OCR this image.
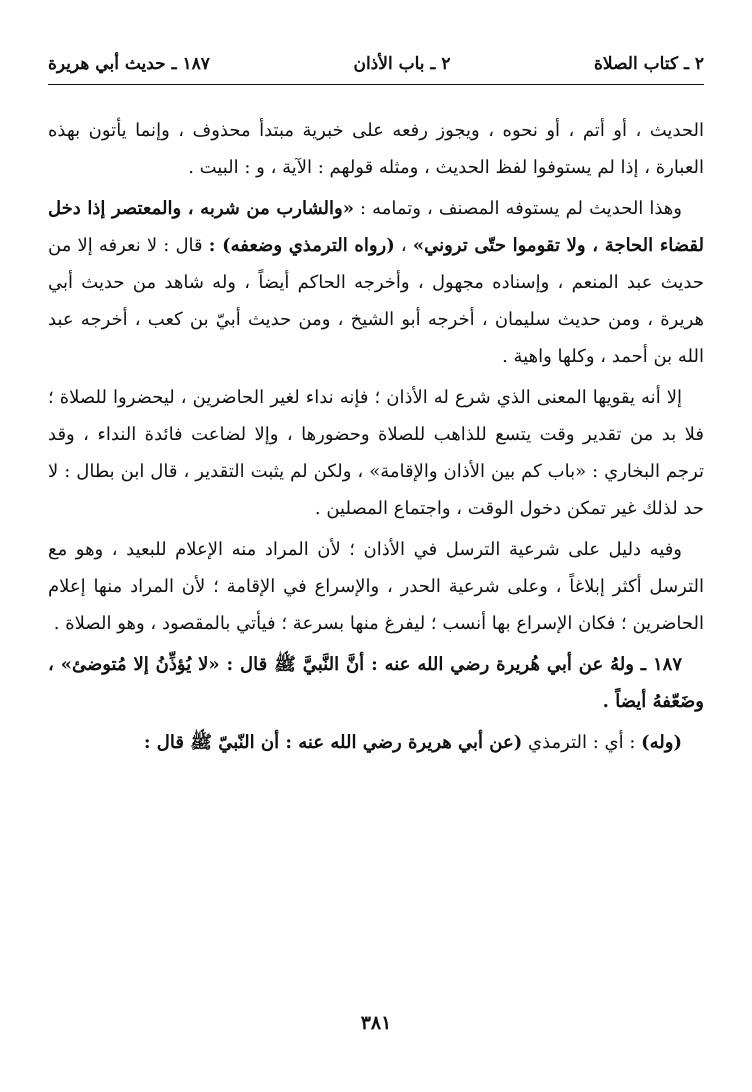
٢ ـ كتاب الصلاة
٢ ـ باب الأذان
١٨٧ ـ حديث أبي هريرة

الحديث ، أو أتم ، أو نحوه ، ويجوز رفعه على خبرية مبتدأ محذوف ، وإنما يأتون بهذه العبارة ، إذا لم يستوفوا لفظ الحديث ، ومثله قولهم : الآية ، و : البيت .

وهذا الحديث لم يستوفه المصنف ، وتمامه : «والشارب من شربه ، والمعتصر إذا دخل لقضاء الحاجة ، ولا تقوموا حتّى تروني» ، (رواه الترمذي وضعفه) : قال : لا نعرفه إلا من حديث عبد المنعم ، وإسناده مجهول ، وأخرجه الحاكم أيضاً ، وله شاهد من حديث أبي هريرة ، ومن حديث سليمان ، أخرجه أبو الشيخ ، ومن حديث أبيّ بن كعب ، أخرجه عبد الله بن أحمد ، وكلها واهية .

إلا أنه يقويها المعنى الذي شرع له الأذان ؛ فإنه نداء لغير الحاضرين ، ليحضروا للصلاة ؛ فلا بد من تقدير وقت يتسع للذاهب للصلاة وحضورها ، وإلا لضاعت فائدة النداء ، وقد ترجم البخاري : «باب كم بين الأذان والإقامة» ، ولكن لم يثبت التقدير ، قال ابن بطال : لا حد لذلك غير تمكن دخول الوقت ، واجتماع المصلين .

وفيه دليل على شرعية الترسل في الأذان ؛ لأن المراد منه الإعلام للبعيد ، وهو مع الترسل أكثر إبلاغاً ، وعلى شرعية الحدر ، والإسراع في الإقامة ؛ لأن المراد منها إعلام الحاضرين ؛ فكان الإسراع بها أنسب ؛ ليفرغ منها بسرعة ؛ فيأتي بالمقصود ، وهو الصلاة .

١٨٧ ـ ولهُ عن أبي هُريرة رضي الله عنه : أنَّ النَّبيَّ ﷺ قال : «لا يُؤذِّنُ إلا مُتوضئ» ، وضَعّفهُ أيضاً .

(وله) : أي : الترمذي (عن أبي هريرة رضي الله عنه : أن النّبيّ ﷺ قال :

٣٨١
